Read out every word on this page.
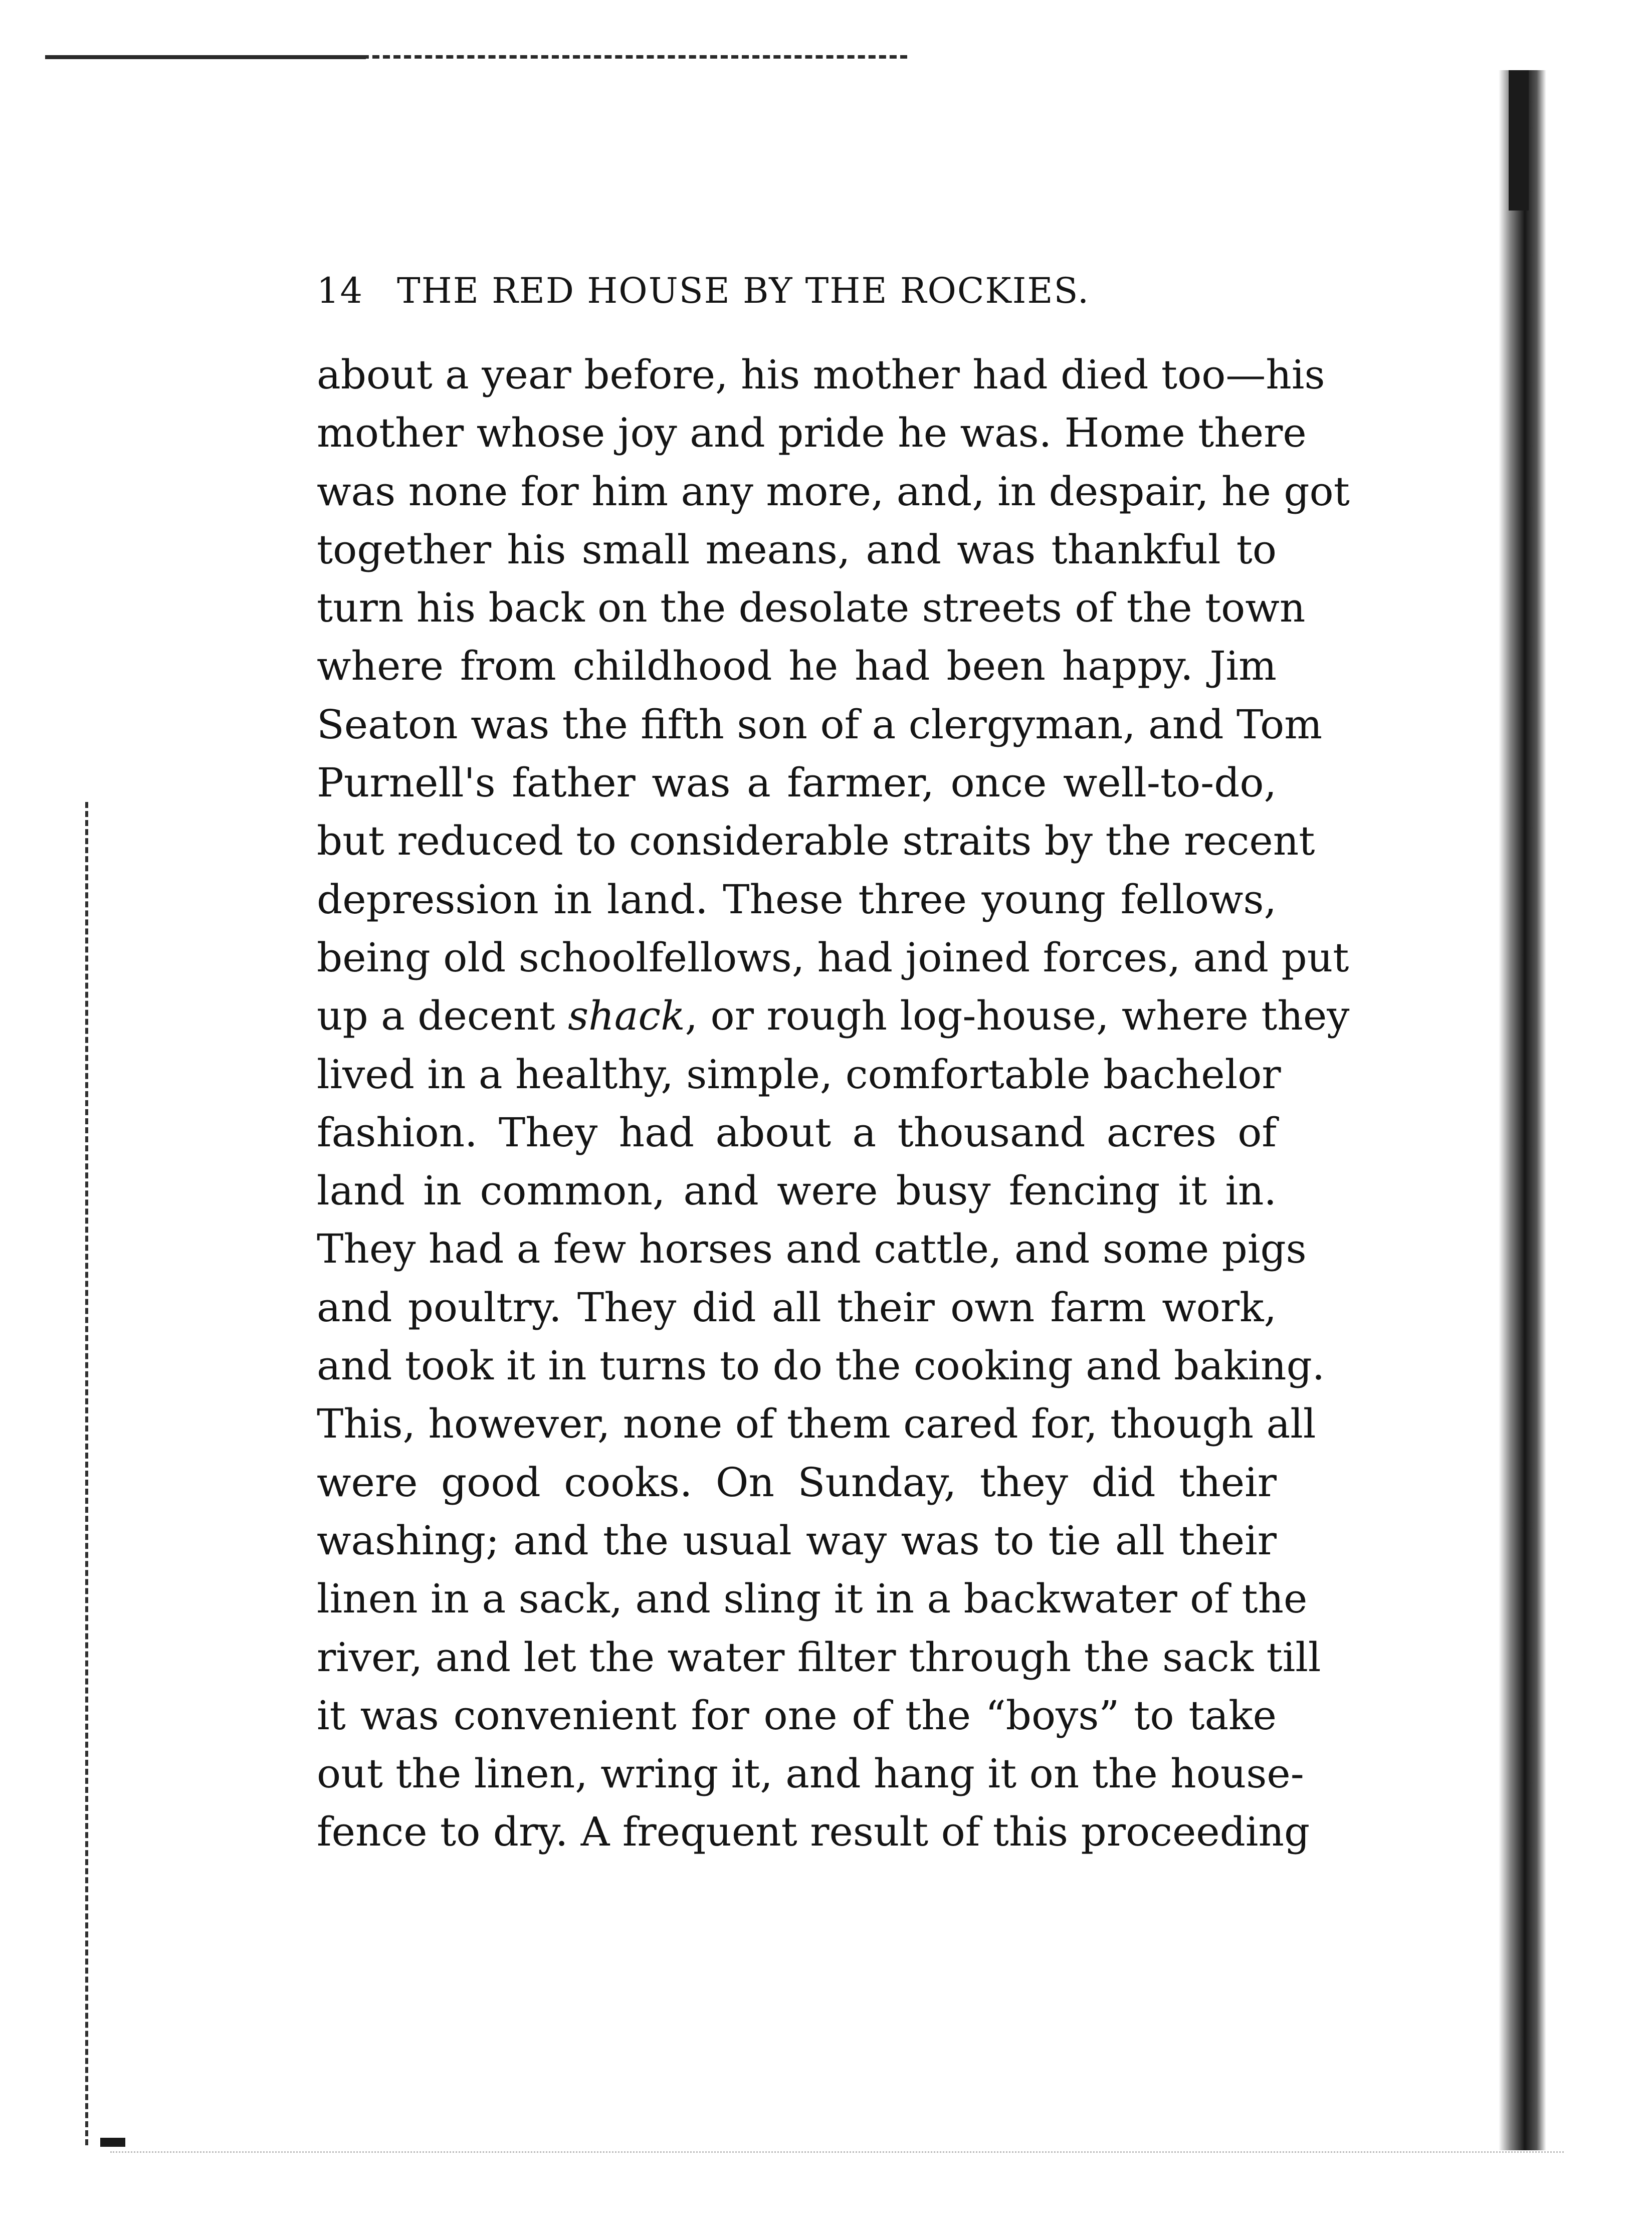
14 THE RED HOUSE BY THE ROCKIES.
about a year before, his mother had died too—his
mother whose joy and pride he was. Home there
was none for him any more, and, in despair, he got
together his small means, and was thankful to
turn his back on the desolate streets of the town
where from childhood he had been happy. Jim
Seaton was the fifth son of a clergyman, and Tom
Purnell's father was a farmer, once well-to-do,
but reduced to considerable straits by the recent
depression in land. These three young fellows,
being old schoolfellows, had joined forces, and put
up a decent shack, or rough log-house, where they
lived in a healthy, simple, comfortable bachelor
fashion. They had about a thousand acres of
land in common, and were busy fencing it in.
They had a few horses and cattle, and some pigs
and poultry. They did all their own farm work,
and took it in turns to do the cooking and baking.
This, however, none of them cared for, though all
were good cooks. On Sunday, they did their
washing; and the usual way was to tie all their
linen in a sack, and sling it in a backwater of the
river, and let the water filter through the sack till
it was convenient for one of the “boys” to take
out the linen, wring it, and hang it on the house-
fence to dry. A frequent result of this proceeding
